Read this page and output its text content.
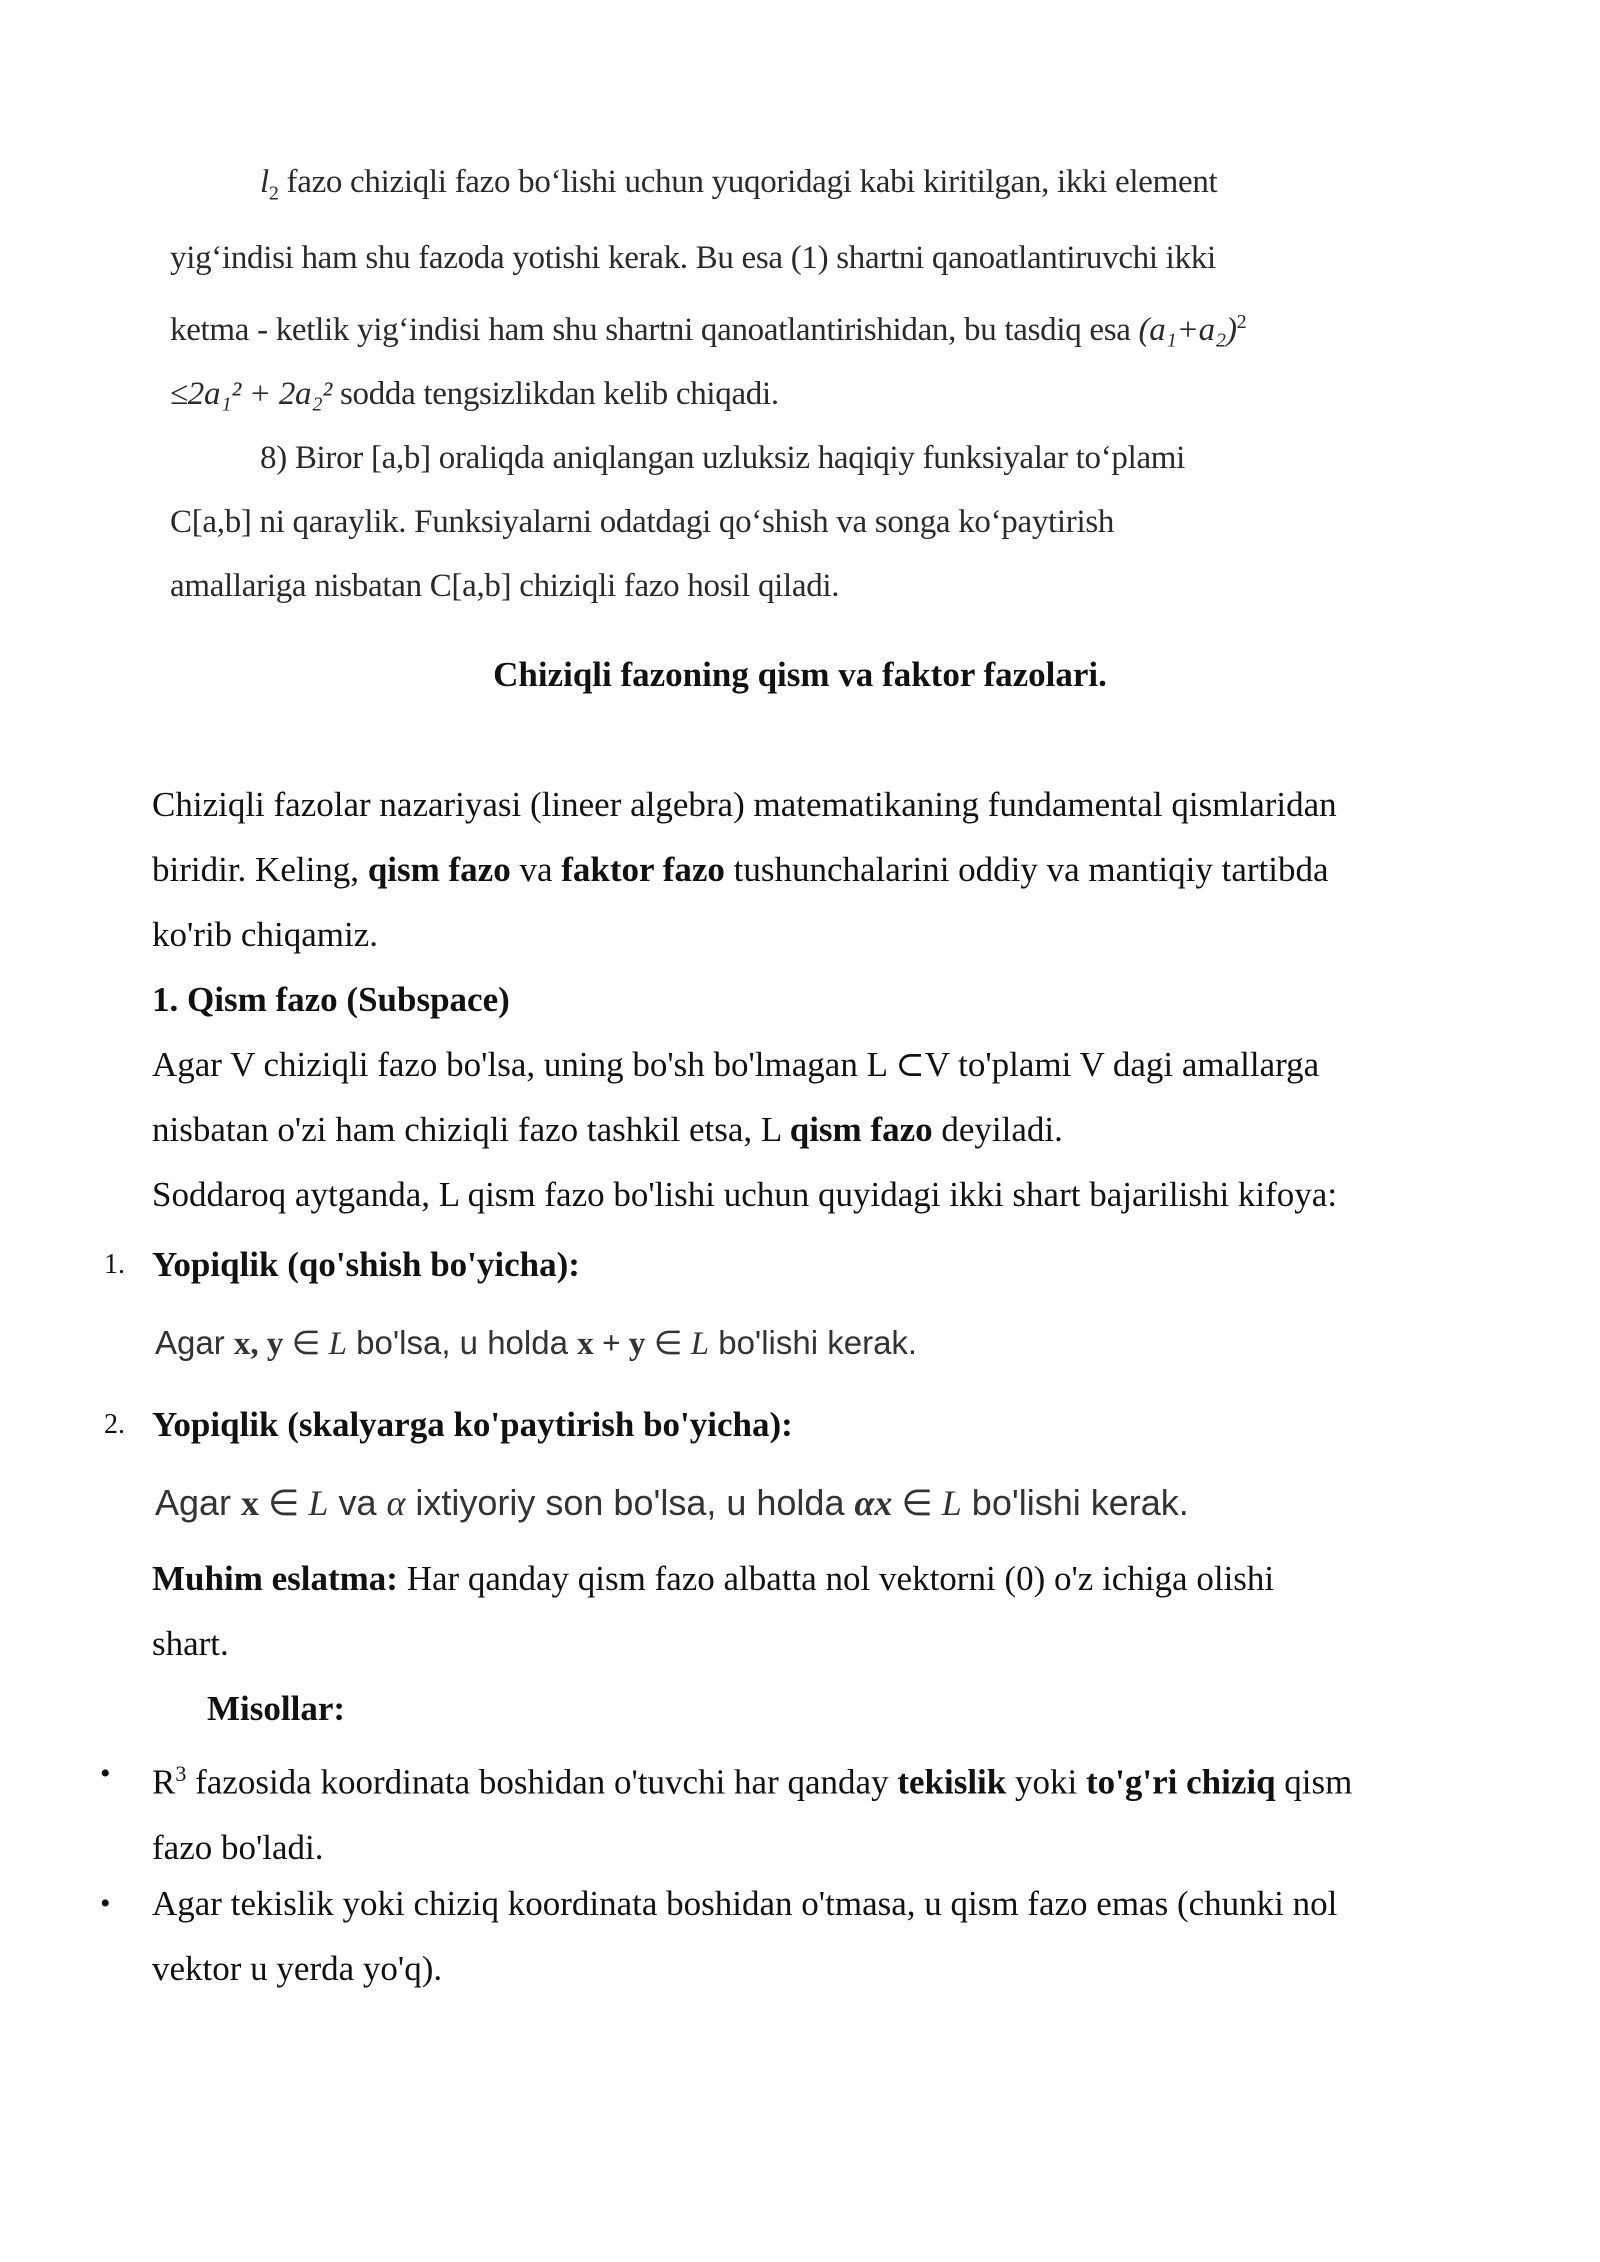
$l_2$ fazo chiziqli fazo bo‘lishi uchun yuqoridagi kabi kiritilgan, ikki element

yig‘indisi ham shu fazoda yotishi kerak. Bu esa (1) shartni qanoatlantiruvchi ikki

ketma - ketlik yig‘indisi ham shu shartni qanoatlantirishidan, bu tasdiq esa $(a_1+a_2)^2$

≤2a₁² + 2a₂² sodda tengsizlikdan kelib chiqadi.

8) Biror [a,b] oraliqda aniqlangan uzluksiz haqiqiy funksiyalar to‘plami

C[a,b] ni qaraylik. Funksiyalarni odatdagi qo‘shish va songa ko‘paytirish

amallariga nisbatan C[a,b] chiziqli fazo hosil qiladi.

Chiziqli fazoning qism va faktor fazolari.

Chiziqli fazolar nazariyasi (lineer algebra) matematikaning fundamental qismlaridan

biridir. Keling, qism fazo va faktor fazo tushunchalarini oddiy va mantiqiy tartibda

ko'rib chiqamiz.

1. Qism fazo (Subspace)

Agar V chiziqli fazo bo'lsa, uning bo'sh bo'lmagan L ⊂V to'plami V dagi amallarga

nisbatan o'zi ham chiziqli fazo tashkil etsa, L qism fazo deyiladi.

Soddaroq aytganda, L qism fazo bo'lishi uchun quyidagi ikki shart bajarilishi kifoya:

1. Yopiqlik (qo'shish bo'yicha):
Agar x, y ∈ L bo'lsa, u holda x + y ∈ L bo'lishi kerak.
2. Yopiqlik (skalyarga ko'paytirish bo'yicha):
Agar x ∈ L va α ixtiyoriy son bo'lsa, u holda αx ∈ L bo'lishi kerak.

Muhim eslatma: Har qanday qism fazo albatta nol vektorni (0) o'z ichiga olishi

shart.

Misollar:
• $R^3$ fazosida koordinata boshidan o'tuvchi har qanday tekislik yoki to'g'ri chiziq qism

fazo bo'ladi.

• Agar tekislik yoki chiziq koordinata boshidan o'tmasa, u qism fazo emas (chunki nol

vektor u yerda yo'q).
